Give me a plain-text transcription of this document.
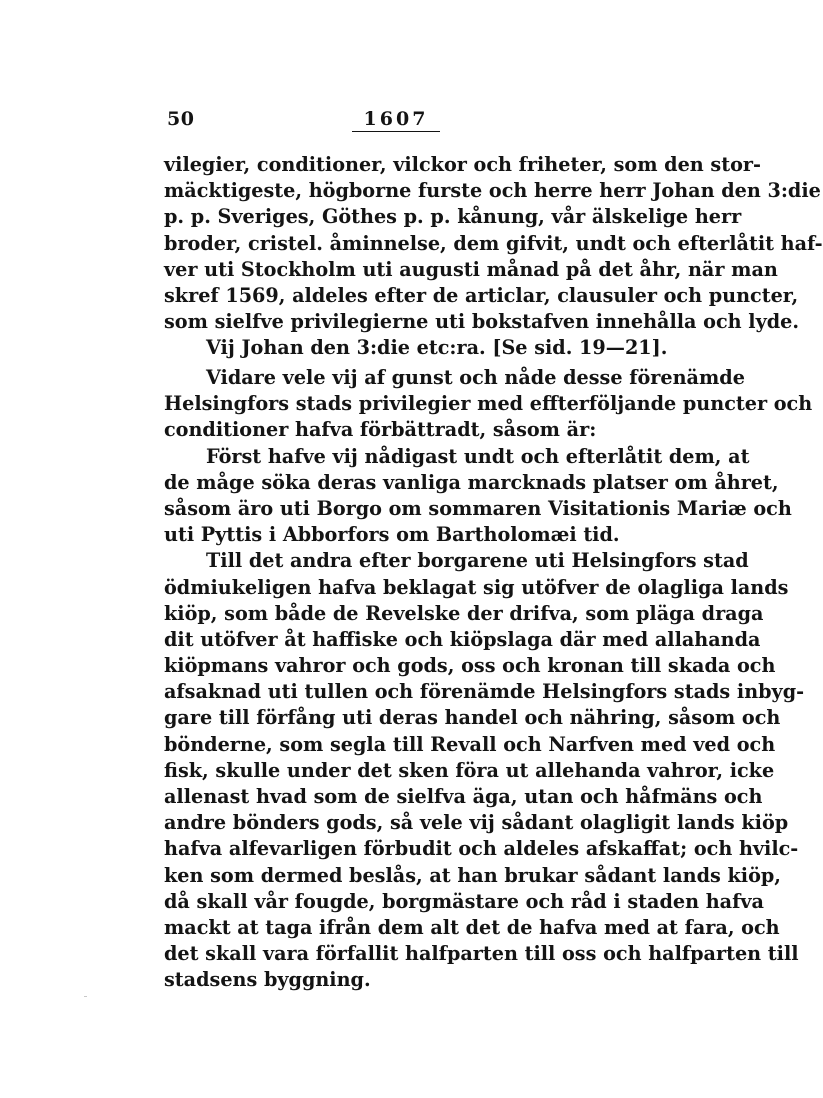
50	1607
vilegier, conditioner, vilckor och friheter, som den stor-
mäcktigeste, högborne furste och herre herr Johan den 3:die
p. p. Sveriges, Göthes p. p. kånung, vår älskelige herr
broder, cristel. åminnelse, dem gifvit, undt och efterlåtit haf-
ver uti Stockholm uti augusti månad på det åhr, när man
skref 1569, aldeles efter de articlar, clausuler och puncter,
som sielfve privilegierne uti bokstafven innehålla och lyde.
Vij Johan den 3:die etc:ra. [Se sid. 19—21].
Vidare vele vij af gunst och nåde desse förenämde
Helsingfors stads privilegier med effterföljande puncter och
conditioner hafva förbättradt, såsom är:
Först hafve vij nådigast undt och efterlåtit dem, at
de måge söka deras vanliga marcknads platser om åhret,
såsom äro uti Borgo om sommaren Visitationis Mariæ och
uti Pyttis i Abborfors om Bartholomæi tid.
Till det andra efter borgarene uti Helsingfors stad
ödmiukeligen hafva beklagat sig utöfver de olagliga lands
kiöp, som både de Revelske der drifva, som pläga draga
dit utöfver åt haffiske och kiöpslaga där med allahanda
kiöpmans vahror och gods, oss och kronan till skada och
afsaknad uti tullen och förenämde Helsingfors stads inbyg-
gare till förfång uti deras handel och nähring, såsom och
bönderne, som segla till Revall och Narfven med ved och
fisk, skulle under det sken föra ut allehanda vahror, icke
allenast hvad som de sielfva äga, utan och håfmäns och
andre bönders gods, så vele vij sådant olagligit lands kiöp
hafva alfevarligen förbudit och aldeles afskaffat; och hvilc-
ken som dermed beslås, at han brukar sådant lands kiöp,
då skall vår fougde, borgmästare och råd i staden hafva
mackt at taga ifrån dem alt det de hafva med at fara, och
det skall vara förfallit halfparten till oss och halfparten till
stadsens byggning.
